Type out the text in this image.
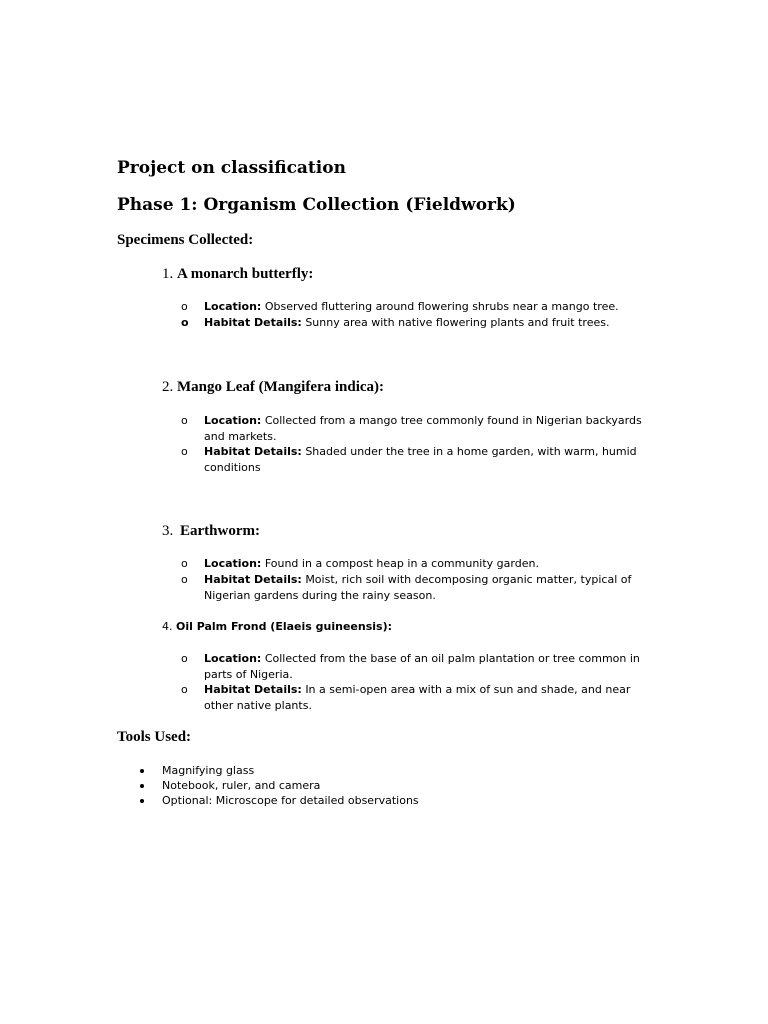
Project on classification
Phase 1: Organism Collection (Fieldwork)
Specimens Collected:
1. A monarch butterfly:
o Location: Observed fluttering around flowering shrubs near a mango tree.
o Habitat Details: Sunny area with native flowering plants and fruit trees.
2. Mango Leaf (Mangifera indica):
o Location: Collected from a mango tree commonly found in Nigerian backyards and markets.
o Habitat Details: Shaded under the tree in a home garden, with warm, humid conditions
3. Earthworm:
o Location: Found in a compost heap in a community garden.
o Habitat Details: Moist, rich soil with decomposing organic matter, typical of Nigerian gardens during the rainy season.
4. Oil Palm Frond (Elaeis guineensis):
o Location: Collected from the base of an oil palm plantation or tree common in parts of Nigeria.
o Habitat Details: In a semi-open area with a mix of sun and shade, and near other native plants.
Tools Used:
Magnifying glass
Notebook, ruler, and camera
Optional: Microscope for detailed observations
